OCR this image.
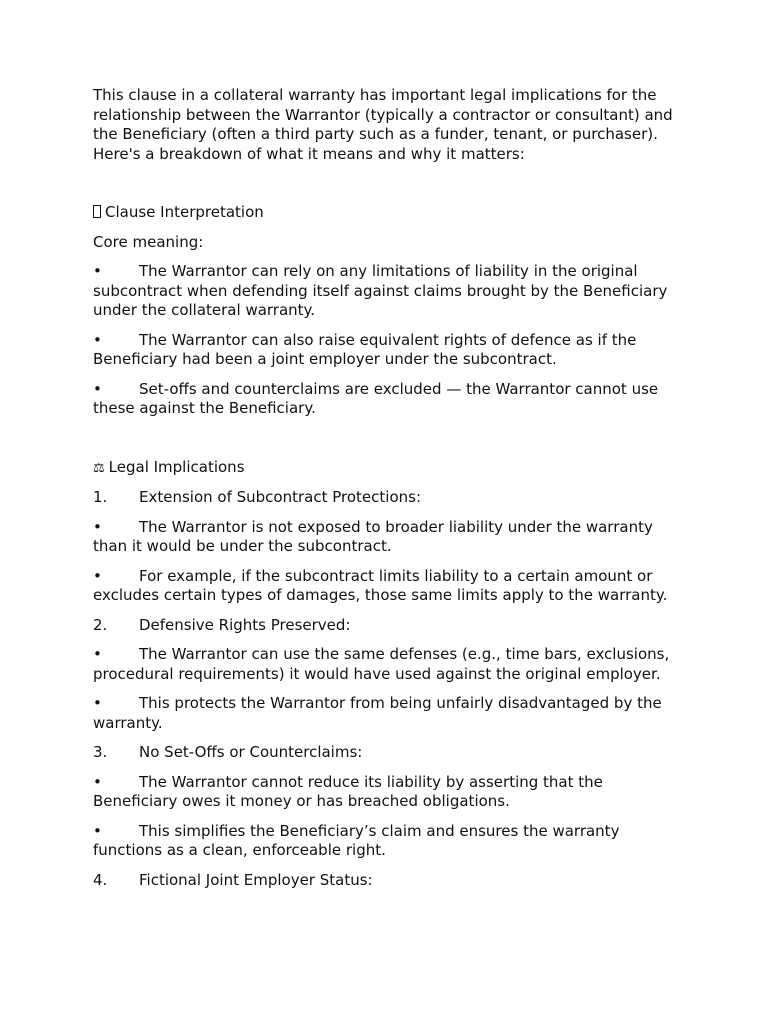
This clause in a collateral warranty has important legal implications for the relationship between the Warrantor (typically a contractor or consultant) and the Beneficiary (often a third party such as a funder, tenant, or purchaser). Here's a breakdown of what it means and why it matters:

Clause Interpretation

Core meaning:

• The Warrantor can rely on any limitations of liability in the original subcontract when defending itself against claims brought by the Beneficiary under the collateral warranty.

• The Warrantor can also raise equivalent rights of defence as if the Beneficiary had been a joint employer under the subcontract.

• Set-offs and counterclaims are excluded — the Warrantor cannot use these against the Beneficiary.

⚖ Legal Implications

1. Extension of Subcontract Protections:

• The Warrantor is not exposed to broader liability under the warranty than it would be under the subcontract.

• For example, if the subcontract limits liability to a certain amount or excludes certain types of damages, those same limits apply to the warranty.

2. Defensive Rights Preserved:

• The Warrantor can use the same defenses (e.g., time bars, exclusions, procedural requirements) it would have used against the original employer.

• This protects the Warrantor from being unfairly disadvantaged by the warranty.

3. No Set-Offs or Counterclaims:

• The Warrantor cannot reduce its liability by asserting that the Beneficiary owes it money or has breached obligations.

• This simplifies the Beneficiary’s claim and ensures the warranty functions as a clean, enforceable right.

4. Fictional Joint Employer Status:
